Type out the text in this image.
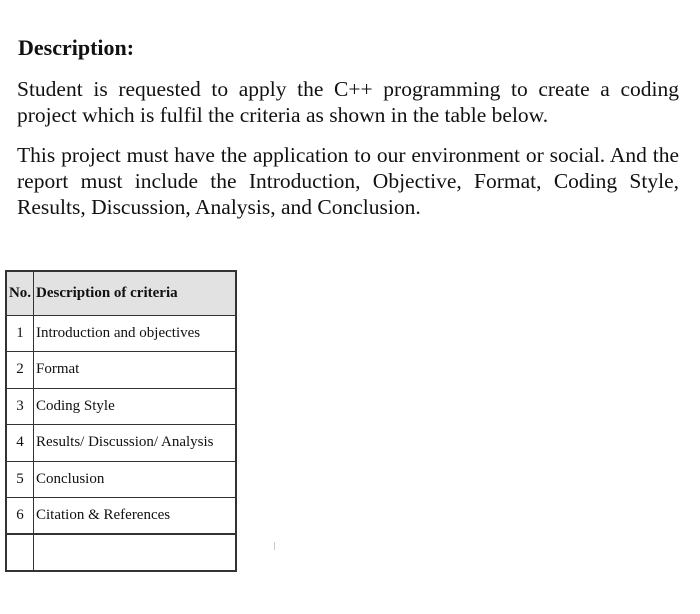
Description:

Student is requested to apply the C++ programming to create a coding project which is fulfil the criteria as shown in the table below.

This project must have the application to our environment or social. And the report must include the Introduction, Objective, Format, Coding Style, Results, Discussion, Analysis, and Conclusion.

No.	Description of criteria
1	Introduction and objectives
2	Format
3	Coding Style
4	Results/ Discussion/ Analysis
5	Conclusion
6	Citation & References
